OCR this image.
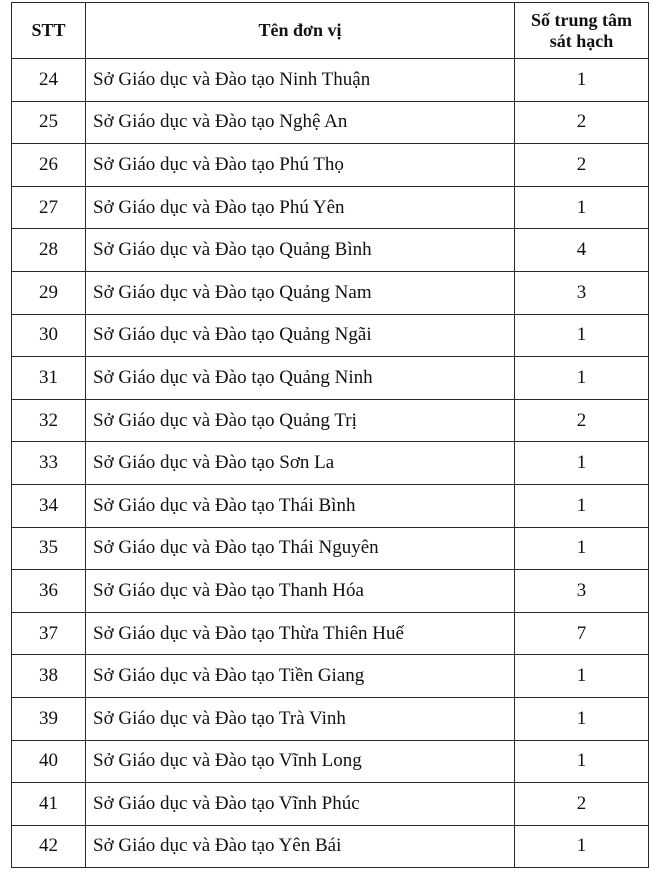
STT	Tên đơn vị	Số trung tâm
sát hạch

24	Sở Giáo dục và Đào tạo Ninh Thuận	1
25	Sở Giáo dục và Đào tạo Nghệ An	2
26	Sở Giáo dục và Đào tạo Phú Thọ	2
27	Sở Giáo dục và Đào tạo Phú Yên	1
28	Sở Giáo dục và Đào tạo Quảng Bình	4
29	Sở Giáo dục và Đào tạo Quảng Nam	3
30	Sở Giáo dục và Đào tạo Quảng Ngãi	1
31	Sở Giáo dục và Đào tạo Quảng Ninh	1
32	Sở Giáo dục và Đào tạo Quảng Trị	2
33	Sở Giáo dục và Đào tạo Sơn La	1
34	Sở Giáo dục và Đào tạo Thái Bình	1
35	Sở Giáo dục và Đào tạo Thái Nguyên	1
36	Sở Giáo dục và Đào tạo Thanh Hóa	3
37	Sở Giáo dục và Đào tạo Thừa Thiên Huế	7
38	Sở Giáo dục và Đào tạo Tiền Giang	1
39	Sở Giáo dục và Đào tạo Trà Vinh	1
40	Sở Giáo dục và Đào tạo Vĩnh Long	1
41	Sở Giáo dục và Đào tạo Vĩnh Phúc	2
42	Sở Giáo dục và Đào tạo Yên Bái	1
